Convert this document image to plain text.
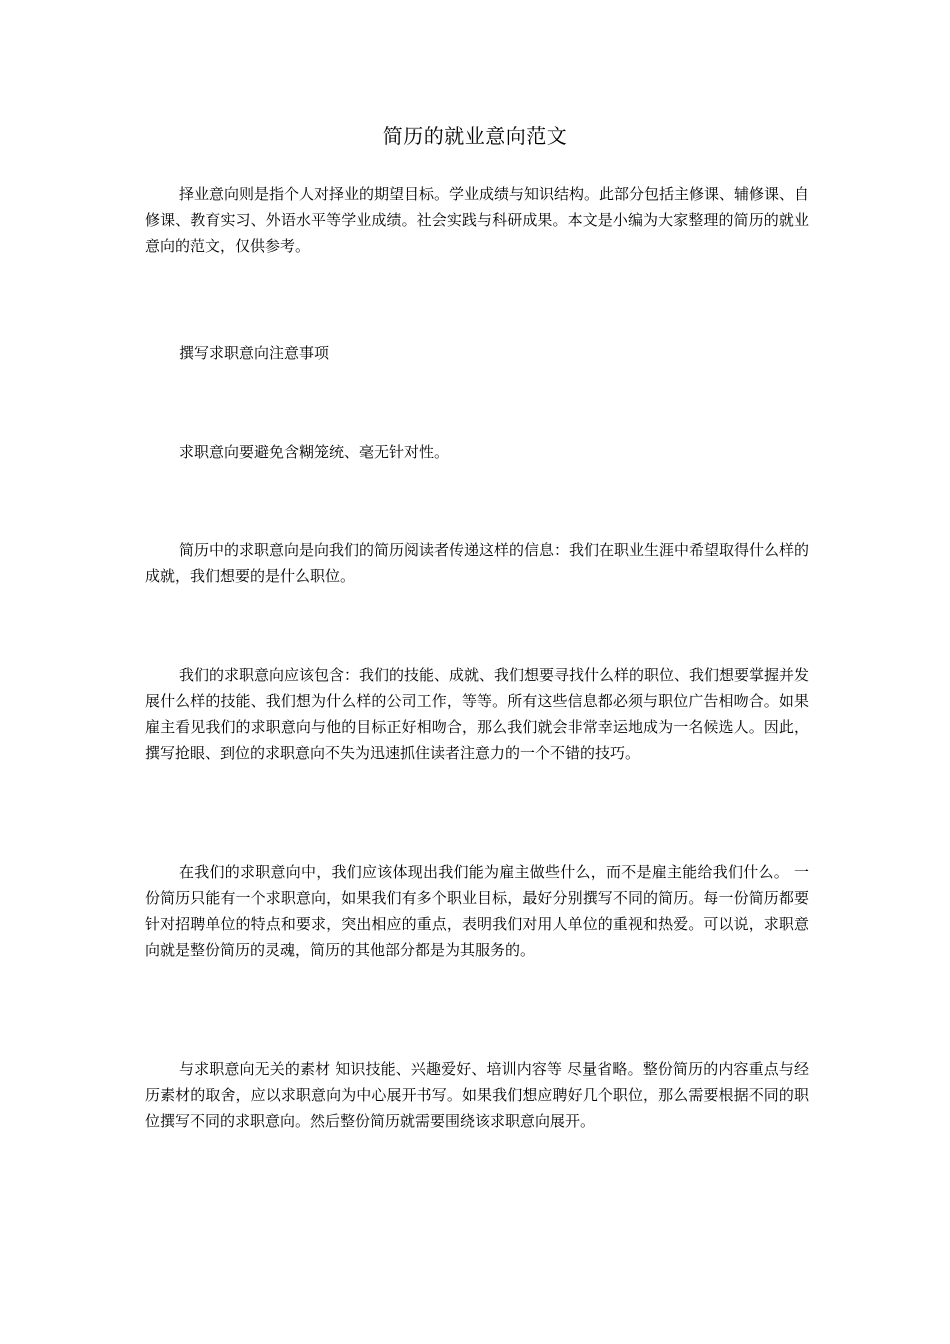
简历的就业意向范文

择业意向则是指个人对择业的期望目标。学业成绩与知识结构。此部分包括主修课、辅修课、自修课、教育实习、外语水平等学业成绩。社会实践与科研成果。本文是小编为大家整理的简历的就业意向的范文，仅供参考。

撰写求职意向注意事项

求职意向要避免含糊笼统、毫无针对性。

简历中的求职意向是向我们的简历阅读者传递这样的信息：我们在职业生涯中希望取得什么样的成就，我们想要的是什么职位。

我们的求职意向应该包含：我们的技能、成就、我们想要寻找什么样的职位、我们想要掌握并发展什么样的技能、我们想为什么样的公司工作，等等。所有这些信息都必须与职位广告相吻合。如果雇主看见我们的求职意向与他的目标正好相吻合，那么我们就会非常幸运地成为一名候选人。因此，撰写抢眼、到位的求职意向不失为迅速抓住读者注意力的一个不错的技巧。

在我们的求职意向中，我们应该体现出我们能为雇主做些什么，而不是雇主能给我们什么。 一份简历只能有一个求职意向，如果我们有多个职业目标，最好分别撰写不同的简历。每一份简历都要针对招聘单位的特点和要求，突出相应的重点，表明我们对用人单位的重视和热爱。可以说，求职意向就是整份简历的灵魂，简历的其他部分都是为其服务的。

与求职意向无关的素材 知识技能、兴趣爱好、培训内容等 尽量省略。整份简历的内容重点与经历素材的取舍，应以求职意向为中心展开书写。如果我们想应聘好几个职位，那么需要根据不同的职位撰写不同的求职意向。然后整份简历就需要围绕该求职意向展开。
